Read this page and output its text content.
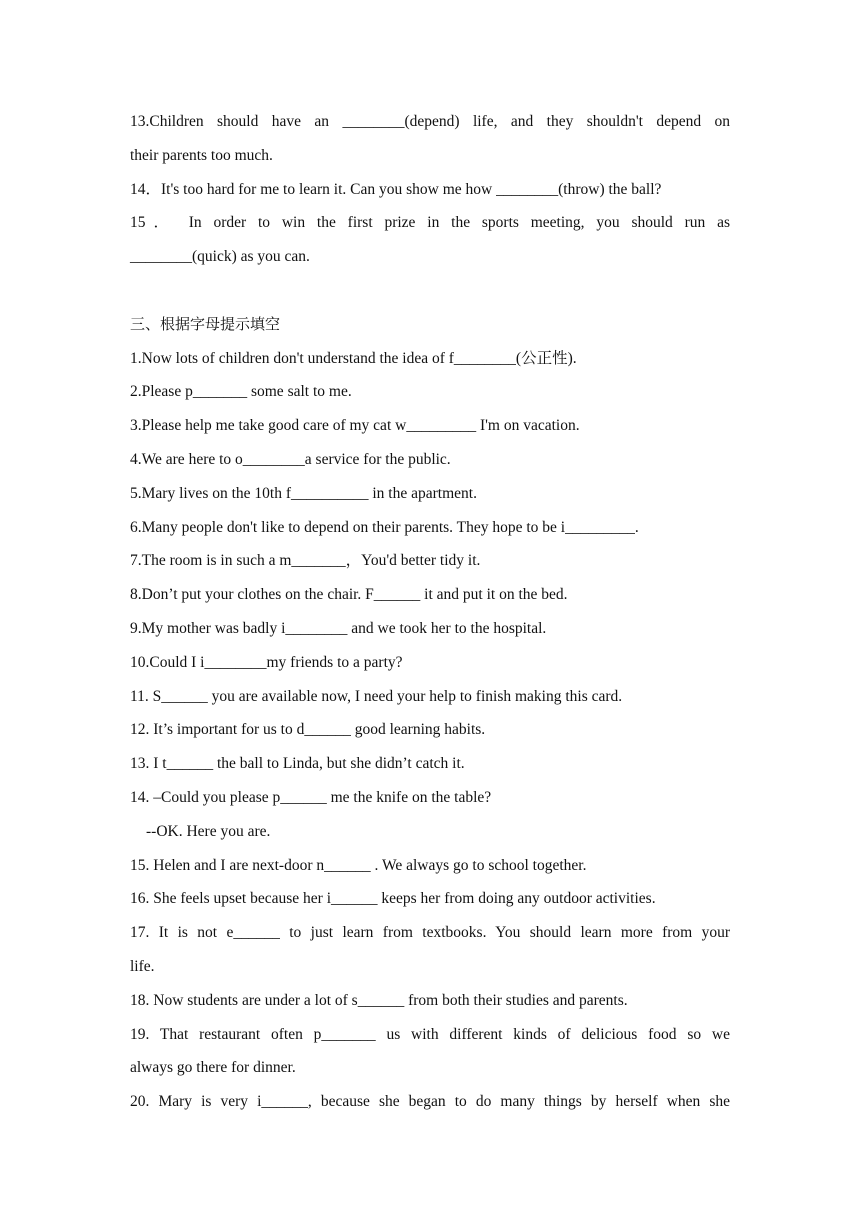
13.Children should have an ________(depend) life, and they shouldn't depend on
their parents too much.
14．It's too hard for me to learn it. Can you show me how ________(throw) the ball?
15． In order to win the first prize in the sports meeting, you should run as
________(quick) as you can.
三、根据字母提示填空
1.Now lots of children don't understand the idea of f________(公正性).
2.Please p_______ some salt to me.
3.Please help me take good care of my cat w_________ I'm on vacation.
4.We are here to o________a service for the public.
5.Mary lives on the 10th f__________ in the apartment.
6.Many people don't like to depend on their parents. They hope to be i_________.
7.The room is in such a m_______，You'd better tidy it.
8.Don’t put your clothes on the chair. F______ it and put it on the bed.
9.My mother was badly i________ and we took her to the hospital.
10.Could I i________my friends to a party?
11. S______ you are available now, I need your help to finish making this card.
12. It’s important for us to d______ good learning habits.
13. I t______ the ball to Linda, but she didn’t catch it.
14. –Could you please p______ me the knife on the table?
--OK. Here you are.
15. Helen and I are next-door n______ . We always go to school together.
16. She feels upset because her i______ keeps her from doing any outdoor activities.
17. It is not e______ to just learn from textbooks. You should learn more from your
life.
18. Now students are under a lot of s______ from both their studies and parents.
19. That restaurant often p_______ us with different kinds of delicious food so we
always go there for dinner.
20. Mary is very i______, because she began to do many things by herself when she
